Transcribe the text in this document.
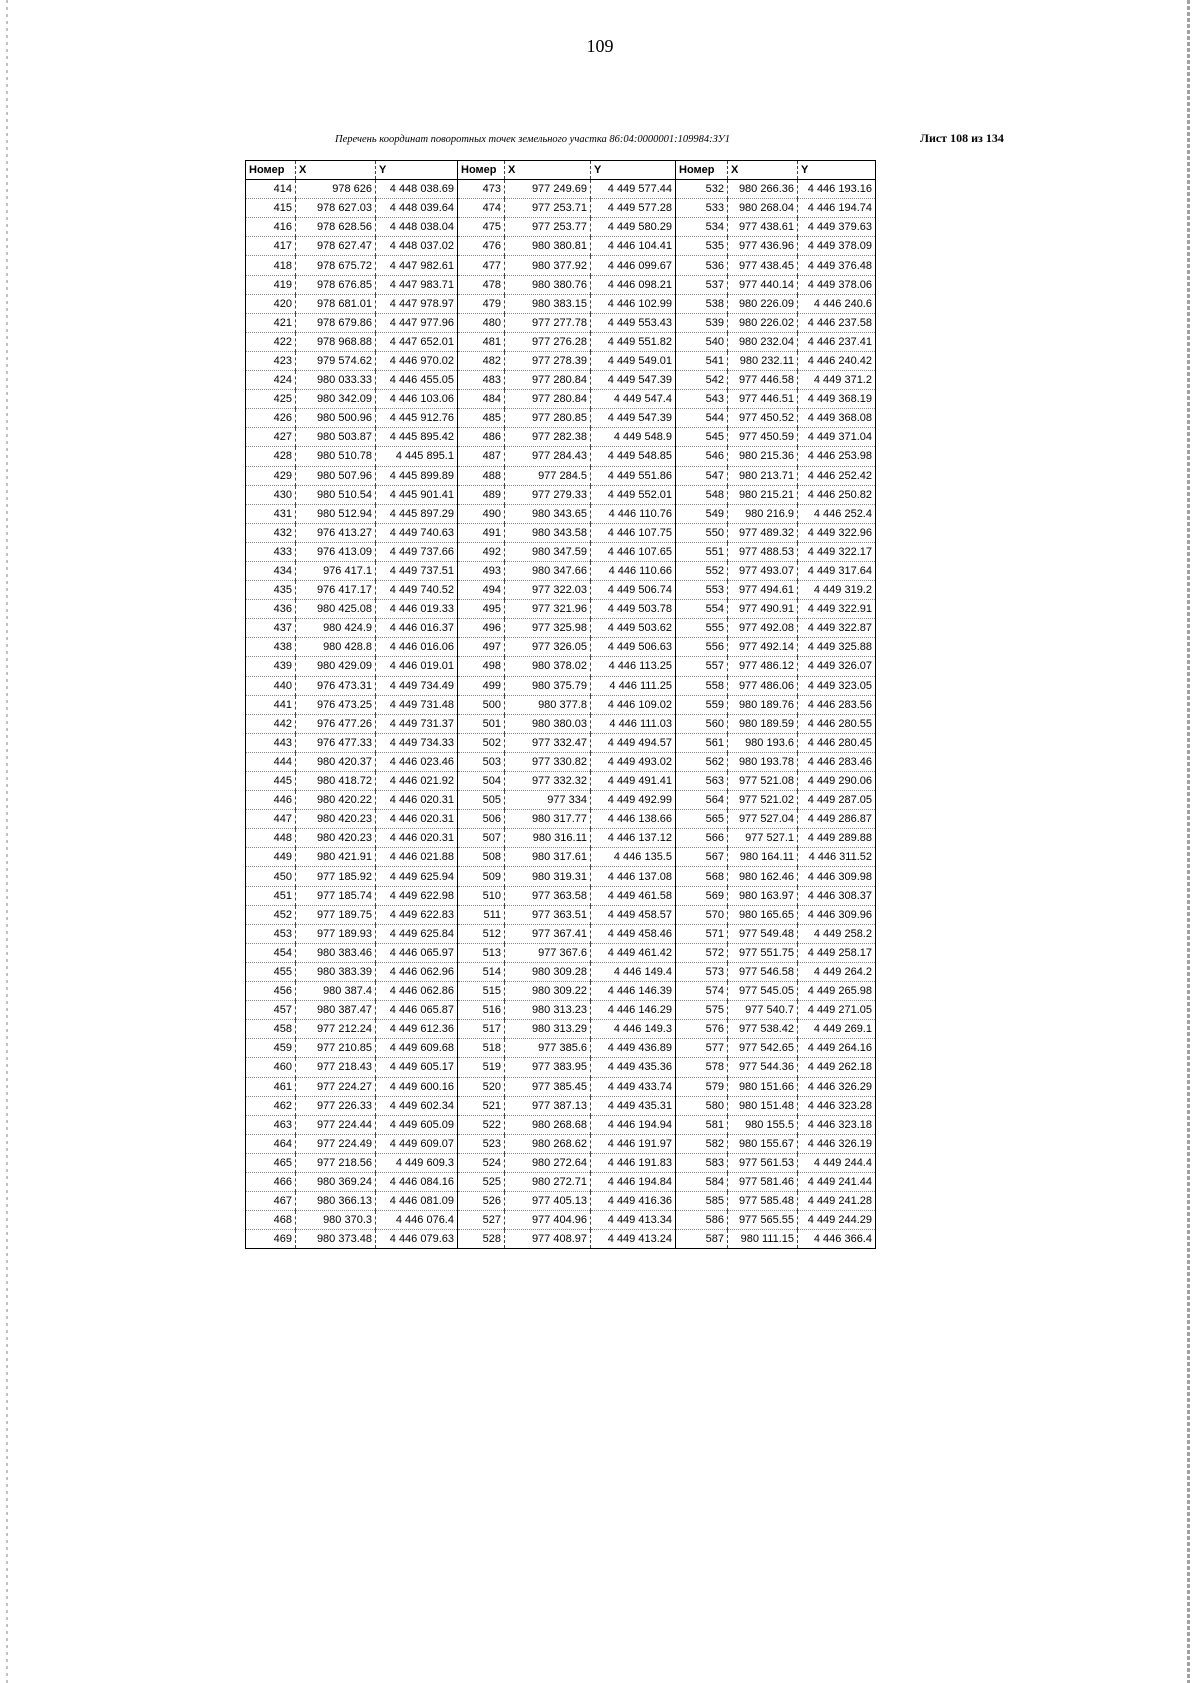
109
Перечень координат поворотных точек земельного участка 86:04:0000001:109984:ЗУ1	Лист 108 из 134
Номер	X	Y	Номер	X	Y	Номер	X	Y
414	978 626	4 448 038.69	473	977 249.69	4 449 577.44	532	980 266.36	4 446 193.16
415	978 627.03	4 448 039.64	474	977 253.71	4 449 577.28	533	980 268.04	4 446 194.74
416	978 628.56	4 448 038.04	475	977 253.77	4 449 580.29	534	977 438.61	4 449 379.63
417	978 627.47	4 448 037.02	476	980 380.81	4 446 104.41	535	977 436.96	4 449 378.09
418	978 675.72	4 447 982.61	477	980 377.92	4 446 099.67	536	977 438.45	4 449 376.48
419	978 676.85	4 447 983.71	478	980 380.76	4 446 098.21	537	977 440.14	4 449 378.06
420	978 681.01	4 447 978.97	479	980 383.15	4 446 102.99	538	980 226.09	4 446 240.6
421	978 679.86	4 447 977.96	480	977 277.78	4 449 553.43	539	980 226.02	4 446 237.58
422	978 968.88	4 447 652.01	481	977 276.28	4 449 551.82	540	980 232.04	4 446 237.41
423	979 574.62	4 446 970.02	482	977 278.39	4 449 549.01	541	980 232.11	4 446 240.42
424	980 033.33	4 446 455.05	483	977 280.84	4 449 547.39	542	977 446.58	4 449 371.2
425	980 342.09	4 446 103.06	484	977 280.84	4 449 547.4	543	977 446.51	4 449 368.19
426	980 500.96	4 445 912.76	485	977 280.85	4 449 547.39	544	977 450.52	4 449 368.08
427	980 503.87	4 445 895.42	486	977 282.38	4 449 548.9	545	977 450.59	4 449 371.04
428	980 510.78	4 445 895.1	487	977 284.43	4 449 548.85	546	980 215.36	4 446 253.98
429	980 507.96	4 445 899.89	488	977 284.5	4 449 551.86	547	980 213.71	4 446 252.42
430	980 510.54	4 445 901.41	489	977 279.33	4 449 552.01	548	980 215.21	4 446 250.82
431	980 512.94	4 445 897.29	490	980 343.65	4 446 110.76	549	980 216.9	4 446 252.4
432	976 413.27	4 449 740.63	491	980 343.58	4 446 107.75	550	977 489.32	4 449 322.96
433	976 413.09	4 449 737.66	492	980 347.59	4 446 107.65	551	977 488.53	4 449 322.17
434	976 417.1	4 449 737.51	493	980 347.66	4 446 110.66	552	977 493.07	4 449 317.64
435	976 417.17	4 449 740.52	494	977 322.03	4 449 506.74	553	977 494.61	4 449 319.2
436	980 425.08	4 446 019.33	495	977 321.96	4 449 503.78	554	977 490.91	4 449 322.91
437	980 424.9	4 446 016.37	496	977 325.98	4 449 503.62	555	977 492.08	4 449 322.87
438	980 428.8	4 446 016.06	497	977 326.05	4 449 506.63	556	977 492.14	4 449 325.88
439	980 429.09	4 446 019.01	498	980 378.02	4 446 113.25	557	977 486.12	4 449 326.07
440	976 473.31	4 449 734.49	499	980 375.79	4 446 111.25	558	977 486.06	4 449 323.05
441	976 473.25	4 449 731.48	500	980 377.8	4 446 109.02	559	980 189.76	4 446 283.56
442	976 477.26	4 449 731.37	501	980 380.03	4 446 111.03	560	980 189.59	4 446 280.55
443	976 477.33	4 449 734.33	502	977 332.47	4 449 494.57	561	980 193.6	4 446 280.45
444	980 420.37	4 446 023.46	503	977 330.82	4 449 493.02	562	980 193.78	4 446 283.46
445	980 418.72	4 446 021.92	504	977 332.32	4 449 491.41	563	977 521.08	4 449 290.06
446	980 420.22	4 446 020.31	505	977 334	4 449 492.99	564	977 521.02	4 449 287.05
447	980 420.23	4 446 020.31	506	980 317.77	4 446 138.66	565	977 527.04	4 449 286.87
448	980 420.23	4 446 020.31	507	980 316.11	4 446 137.12	566	977 527.1	4 449 289.88
449	980 421.91	4 446 021.88	508	980 317.61	4 446 135.5	567	980 164.11	4 446 311.52
450	977 185.92	4 449 625.94	509	980 319.31	4 446 137.08	568	980 162.46	4 446 309.98
451	977 185.74	4 449 622.98	510	977 363.58	4 449 461.58	569	980 163.97	4 446 308.37
452	977 189.75	4 449 622.83	511	977 363.51	4 449 458.57	570	980 165.65	4 446 309.96
453	977 189.93	4 449 625.84	512	977 367.41	4 449 458.46	571	977 549.48	4 449 258.2
454	980 383.46	4 446 065.97	513	977 367.6	4 449 461.42	572	977 551.75	4 449 258.17
455	980 383.39	4 446 062.96	514	980 309.28	4 446 149.4	573	977 546.58	4 449 264.2
456	980 387.4	4 446 062.86	515	980 309.22	4 446 146.39	574	977 545.05	4 449 265.98
457	980 387.47	4 446 065.87	516	980 313.23	4 446 146.29	575	977 540.7	4 449 271.05
458	977 212.24	4 449 612.36	517	980 313.29	4 446 149.3	576	977 538.42	4 449 269.1
459	977 210.85	4 449 609.68	518	977 385.6	4 449 436.89	577	977 542.65	4 449 264.16
460	977 218.43	4 449 605.17	519	977 383.95	4 449 435.36	578	977 544.36	4 449 262.18
461	977 224.27	4 449 600.16	520	977 385.45	4 449 433.74	579	980 151.66	4 446 326.29
462	977 226.33	4 449 602.34	521	977 387.13	4 449 435.31	580	980 151.48	4 446 323.28
463	977 224.44	4 449 605.09	522	980 268.68	4 446 194.94	581	980 155.5	4 446 323.18
464	977 224.49	4 449 609.07	523	980 268.62	4 446 191.97	582	980 155.67	4 446 326.19
465	977 218.56	4 449 609.3	524	980 272.64	4 446 191.83	583	977 561.53	4 449 244.4
466	980 369.24	4 446 084.16	525	980 272.71	4 446 194.84	584	977 581.46	4 449 241.44
467	980 366.13	4 446 081.09	526	977 405.13	4 449 416.36	585	977 585.48	4 449 241.28
468	980 370.3	4 446 076.4	527	977 404.96	4 449 413.34	586	977 565.55	4 449 244.29
469	980 373.48	4 446 079.63	528	977 408.97	4 449 413.24	587	980 111.15	4 446 366.4
